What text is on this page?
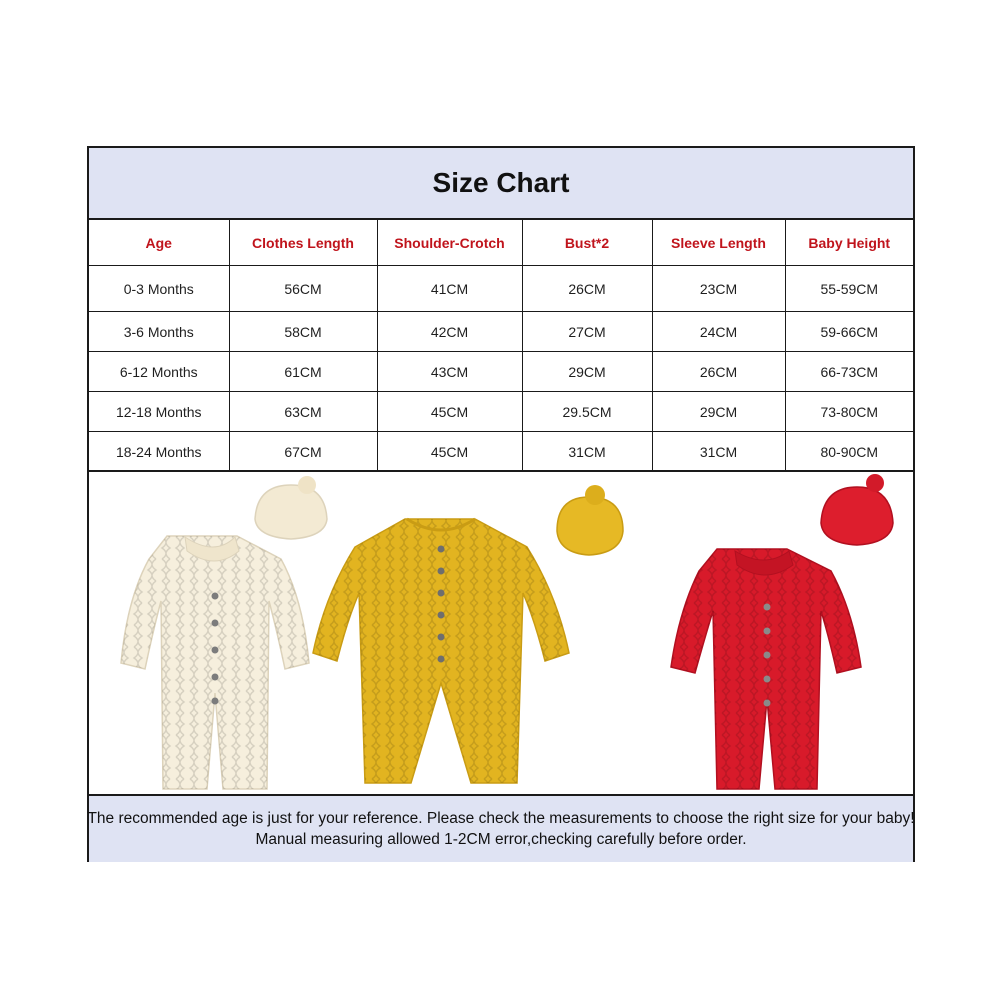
Size Chart
Age	Clothes Length	Shoulder-Crotch	Bust*2	Sleeve Length	Baby Height
0-3 Months	56CM	41CM	26CM	23CM	55-59CM
3-6 Months	58CM	42CM	27CM	24CM	59-66CM
6-12 Months	61CM	43CM	29CM	26CM	66-73CM
12-18 Months	63CM	45CM	29.5CM	29CM	73-80CM
18-24 Months	67CM	45CM	31CM	31CM	80-90CM
The recommended age is just for your reference. Please check the measurements to choose the right size for your baby!
Manual measuring allowed 1-2CM error,checking carefully before order.
